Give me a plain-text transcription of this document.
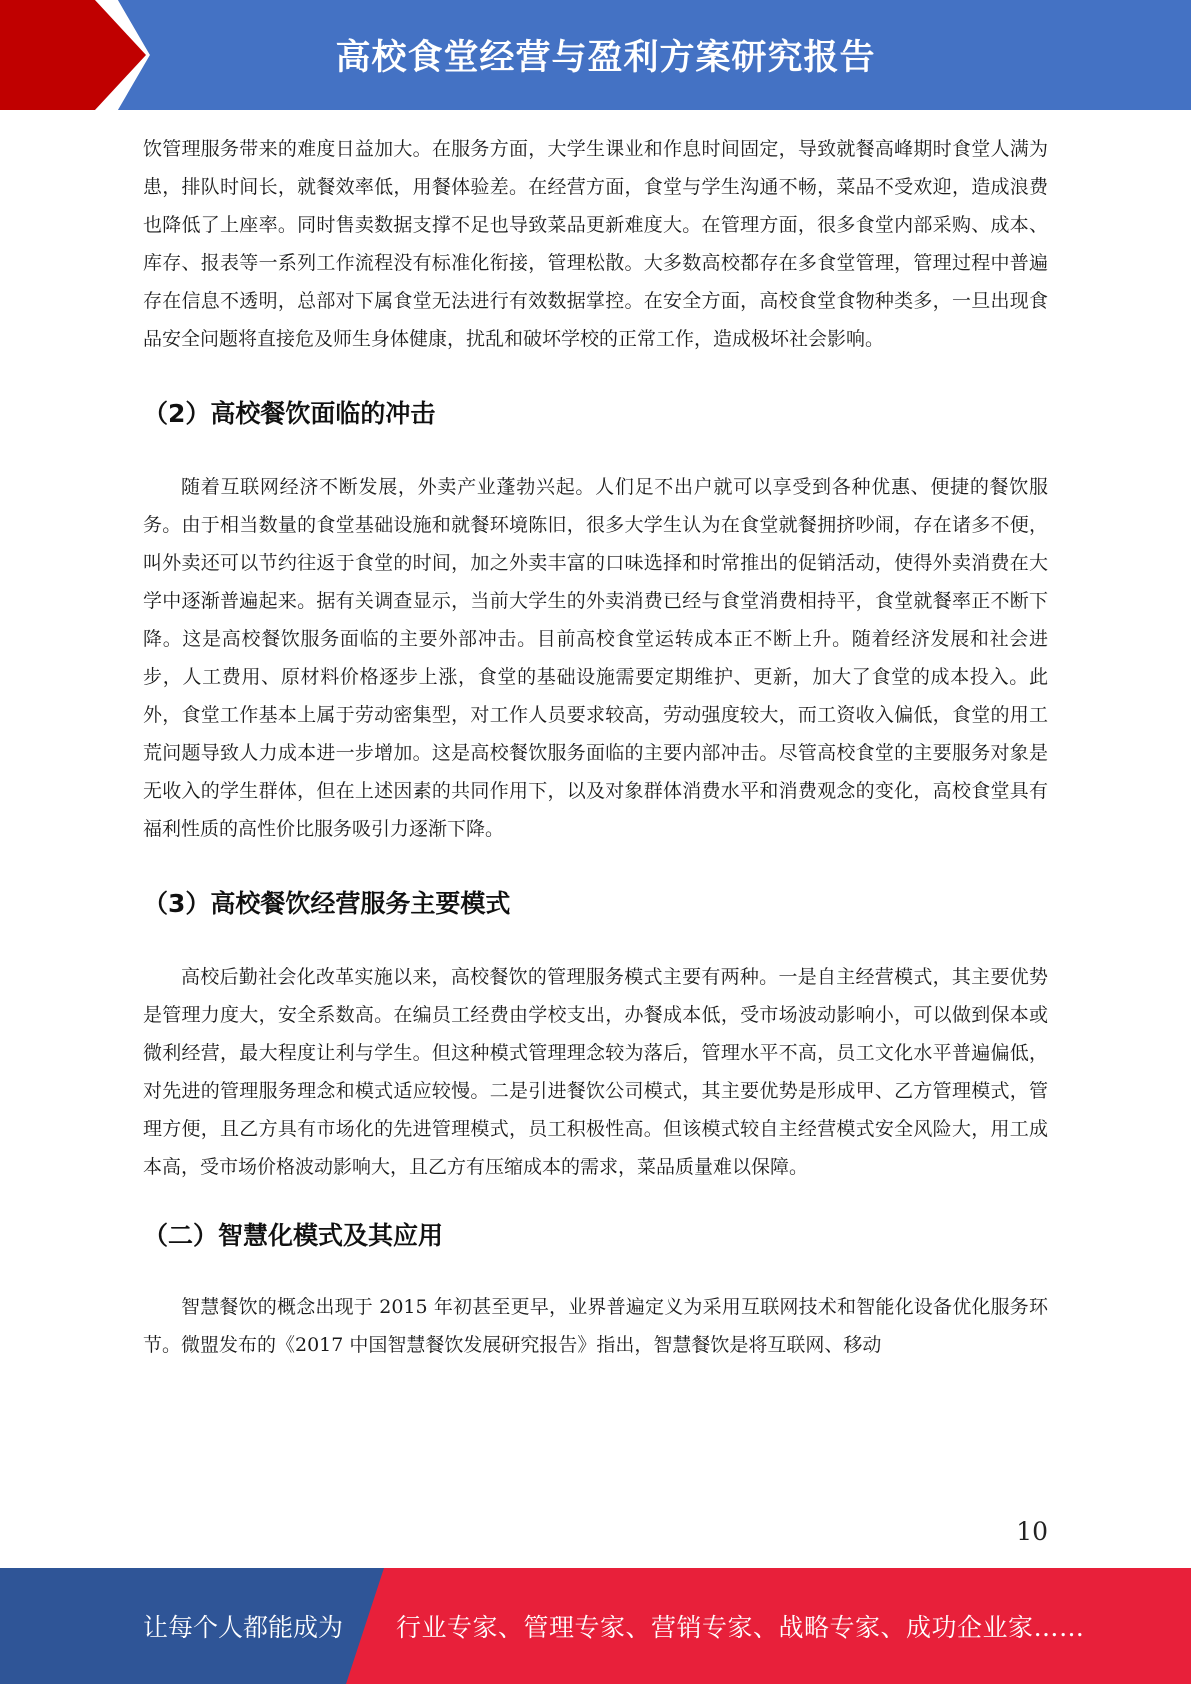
高校食堂经营与盈利方案研究报告

饮管理服务带来的难度日益加大。在服务方面，大学生课业和作息时间固定，导致就餐高峰期时食堂人满为患，排队时间长，就餐效率低，用餐体验差。在经营方面，食堂与学生沟通不畅，菜品不受欢迎，造成浪费也降低了上座率。同时售卖数据支撑不足也导致菜品更新难度大。在管理方面，很多食堂内部采购、成本、库存、报表等一系列工作流程没有标准化衔接，管理松散。大多数高校都存在多食堂管理，管理过程中普遍存在信息不透明，总部对下属食堂无法进行有效数据掌控。在安全方面，高校食堂食物种类多，一旦出现食品安全问题将直接危及师生身体健康，扰乱和破坏学校的正常工作，造成极坏社会影响。

（2）高校餐饮面临的冲击

随着互联网经济不断发展，外卖产业蓬勃兴起。人们足不出户就可以享受到各种优惠、便捷的餐饮服务。由于相当数量的食堂基础设施和就餐环境陈旧，很多大学生认为在食堂就餐拥挤吵闹，存在诸多不便，叫外卖还可以节约往返于食堂的时间，加之外卖丰富的口味选择和时常推出的促销活动，使得外卖消费在大学中逐渐普遍起来。据有关调查显示，当前大学生的外卖消费已经与食堂消费相持平，食堂就餐率正不断下降。这是高校餐饮服务面临的主要外部冲击。目前高校食堂运转成本正不断上升。随着经济发展和社会进步，人工费用、原材料价格逐步上涨，食堂的基础设施需要定期维护、更新，加大了食堂的成本投入。此外，食堂工作基本上属于劳动密集型，对工作人员要求较高，劳动强度较大，而工资收入偏低，食堂的用工荒问题导致人力成本进一步增加。这是高校餐饮服务面临的主要内部冲击。尽管高校食堂的主要服务对象是无收入的学生群体，但在上述因素的共同作用下，以及对象群体消费水平和消费观念的变化，高校食堂具有福利性质的高性价比服务吸引力逐渐下降。

（3）高校餐饮经营服务主要模式

高校后勤社会化改革实施以来，高校餐饮的管理服务模式主要有两种。一是自主经营模式，其主要优势是管理力度大，安全系数高。在编员工经费由学校支出，办餐成本低，受市场波动影响小，可以做到保本或微利经营，最大程度让利与学生。但这种模式管理理念较为落后，管理水平不高，员工文化水平普遍偏低，对先进的管理服务理念和模式适应较慢。二是引进餐饮公司模式，其主要优势是形成甲、乙方管理模式，管理方便，且乙方具有市场化的先进管理模式，员工积极性高。但该模式较自主经营模式安全风险大，用工成本高，受市场价格波动影响大，且乙方有压缩成本的需求，菜品质量难以保障。

（二）智慧化模式及其应用

智慧餐饮的概念出现于 2015 年初甚至更早，业界普遍定义为采用互联网技术和智能化设备优化服务环节。微盟发布的《2017 中国智慧餐饮发展研究报告》指出，智慧餐饮是将互联网、移动

10
让每个人都能成为 行业专家、管理专家、营销专家、战略专家、成功企业家……
